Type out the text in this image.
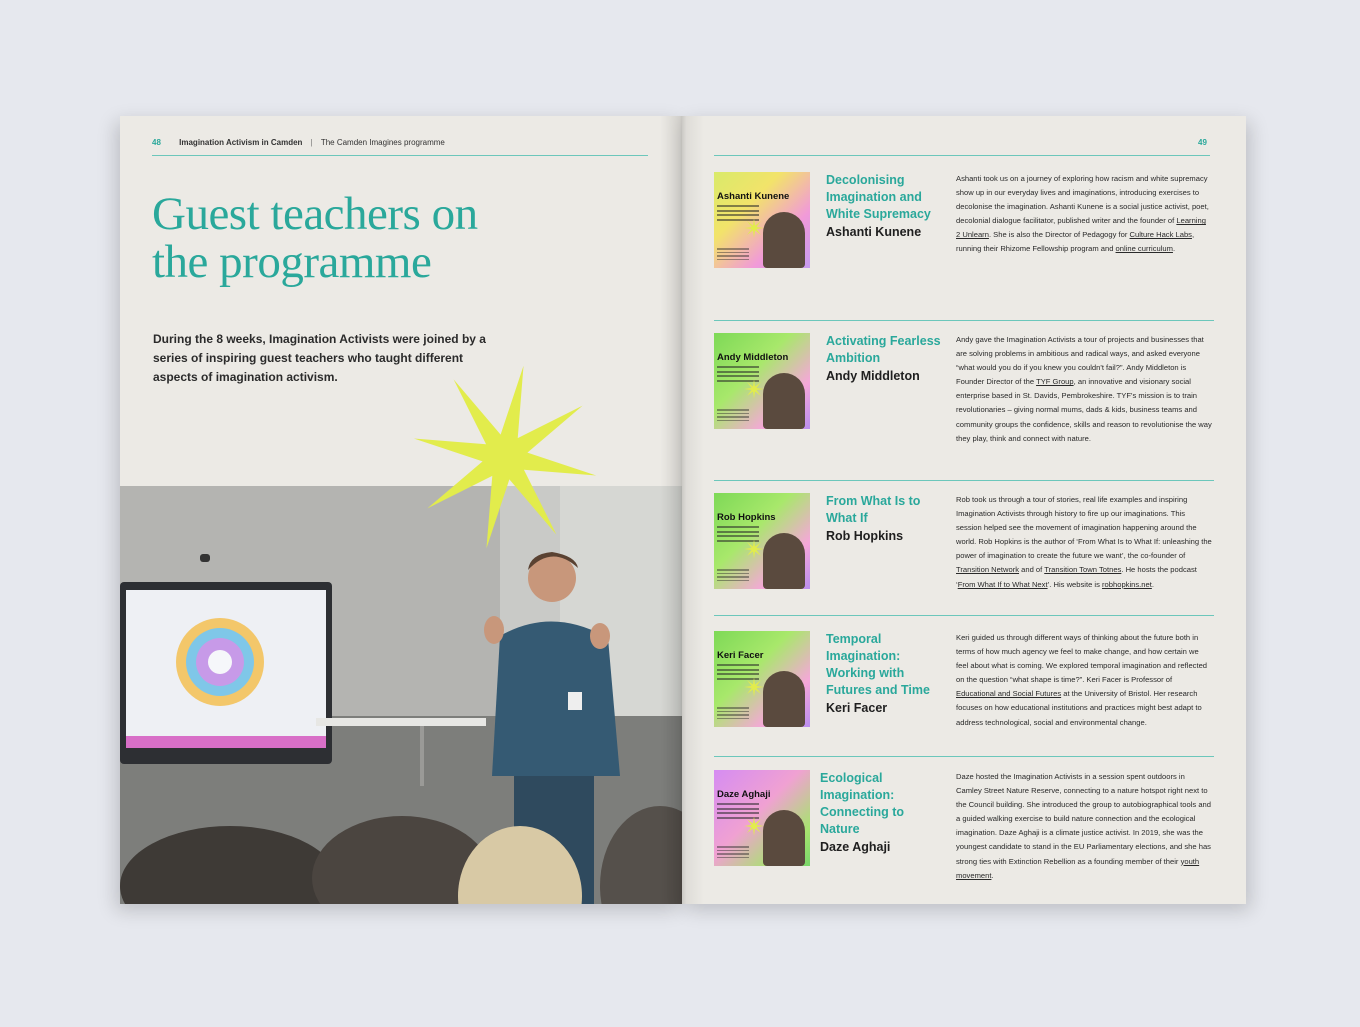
48 Imagination Activism in Camden | The Camden Imagines programme
Guest teachers on
the programme
During the 8 weeks, Imagination Activists were joined by a series of inspiring guest teachers who taught different aspects of imagination activism.
49
Ashanti Kunene
Decolonising Imagination and White Supremacy
Ashanti Kunene
Ashanti took us on a journey of exploring how racism and white supremacy show up in our everyday lives and imaginations, introducing exercises to decolonise the imagination. Ashanti Kunene is a social justice activist, poet, decolonial dialogue facilitator, published writer and the founder of Learning 2 Unlearn. She is also the Director of Pedagogy for Culture Hack Labs, running their Rhizome Fellowship program and online curriculum.
Andy Middleton
Activating Fearless Ambition
Andy Middleton
Andy gave the Imagination Activists a tour of projects and businesses that are solving problems in ambitious and radical ways, and asked everyone “what would you do if you knew you couldn't fail?”. Andy Middleton is Founder Director of the TYF Group, an innovative and visionary social enterprise based in St. Davids, Pembrokeshire. TYF's mission is to train revolutionaries – giving normal mums, dads & kids, business teams and community groups the confidence, skills and reason to revolutionise the way they play, think and connect with nature.
Rob Hopkins
From What Is to What If
Rob Hopkins
Rob took us through a tour of stories, real life examples and inspiring Imagination Activists through history to fire up our imaginations. This session helped see the movement of imagination happening around the world. Rob Hopkins is the author of ‘From What Is to What If: unleashing the power of imagination to create the future we want’, the co-founder of Transition Network and of Transition Town Totnes. He hosts the podcast ‘From What If to What Next’. His website is robhopkins.net.
Keri Facer
Temporal Imagination: Working with Futures and Time
Keri Facer
Keri guided us through different ways of thinking about the future both in terms of how much agency we feel to make change, and how certain we feel about what is coming. We explored temporal imagination and reflected on the question “what shape is time?”. Keri Facer is Professor of Educational and Social Futures at the University of Bristol. Her research focuses on how educational institutions and practices might best adapt to address technological, social and environmental change.
Daze Aghaji
Ecological Imagination: Connecting to Nature
Daze Aghaji
Daze hosted the Imagination Activists in a session spent outdoors in Camley Street Nature Reserve, connecting to a nature hotspot right next to the Council building. She introduced the group to autobiographical tools and a guided walking exercise to build nature connection and the ecological imagination. Daze Aghaji is a climate justice activist. In 2019, she was the youngest candidate to stand in the EU Parliamentary elections, and she has strong ties with Extinction Rebellion as a founding member of their youth movement.
